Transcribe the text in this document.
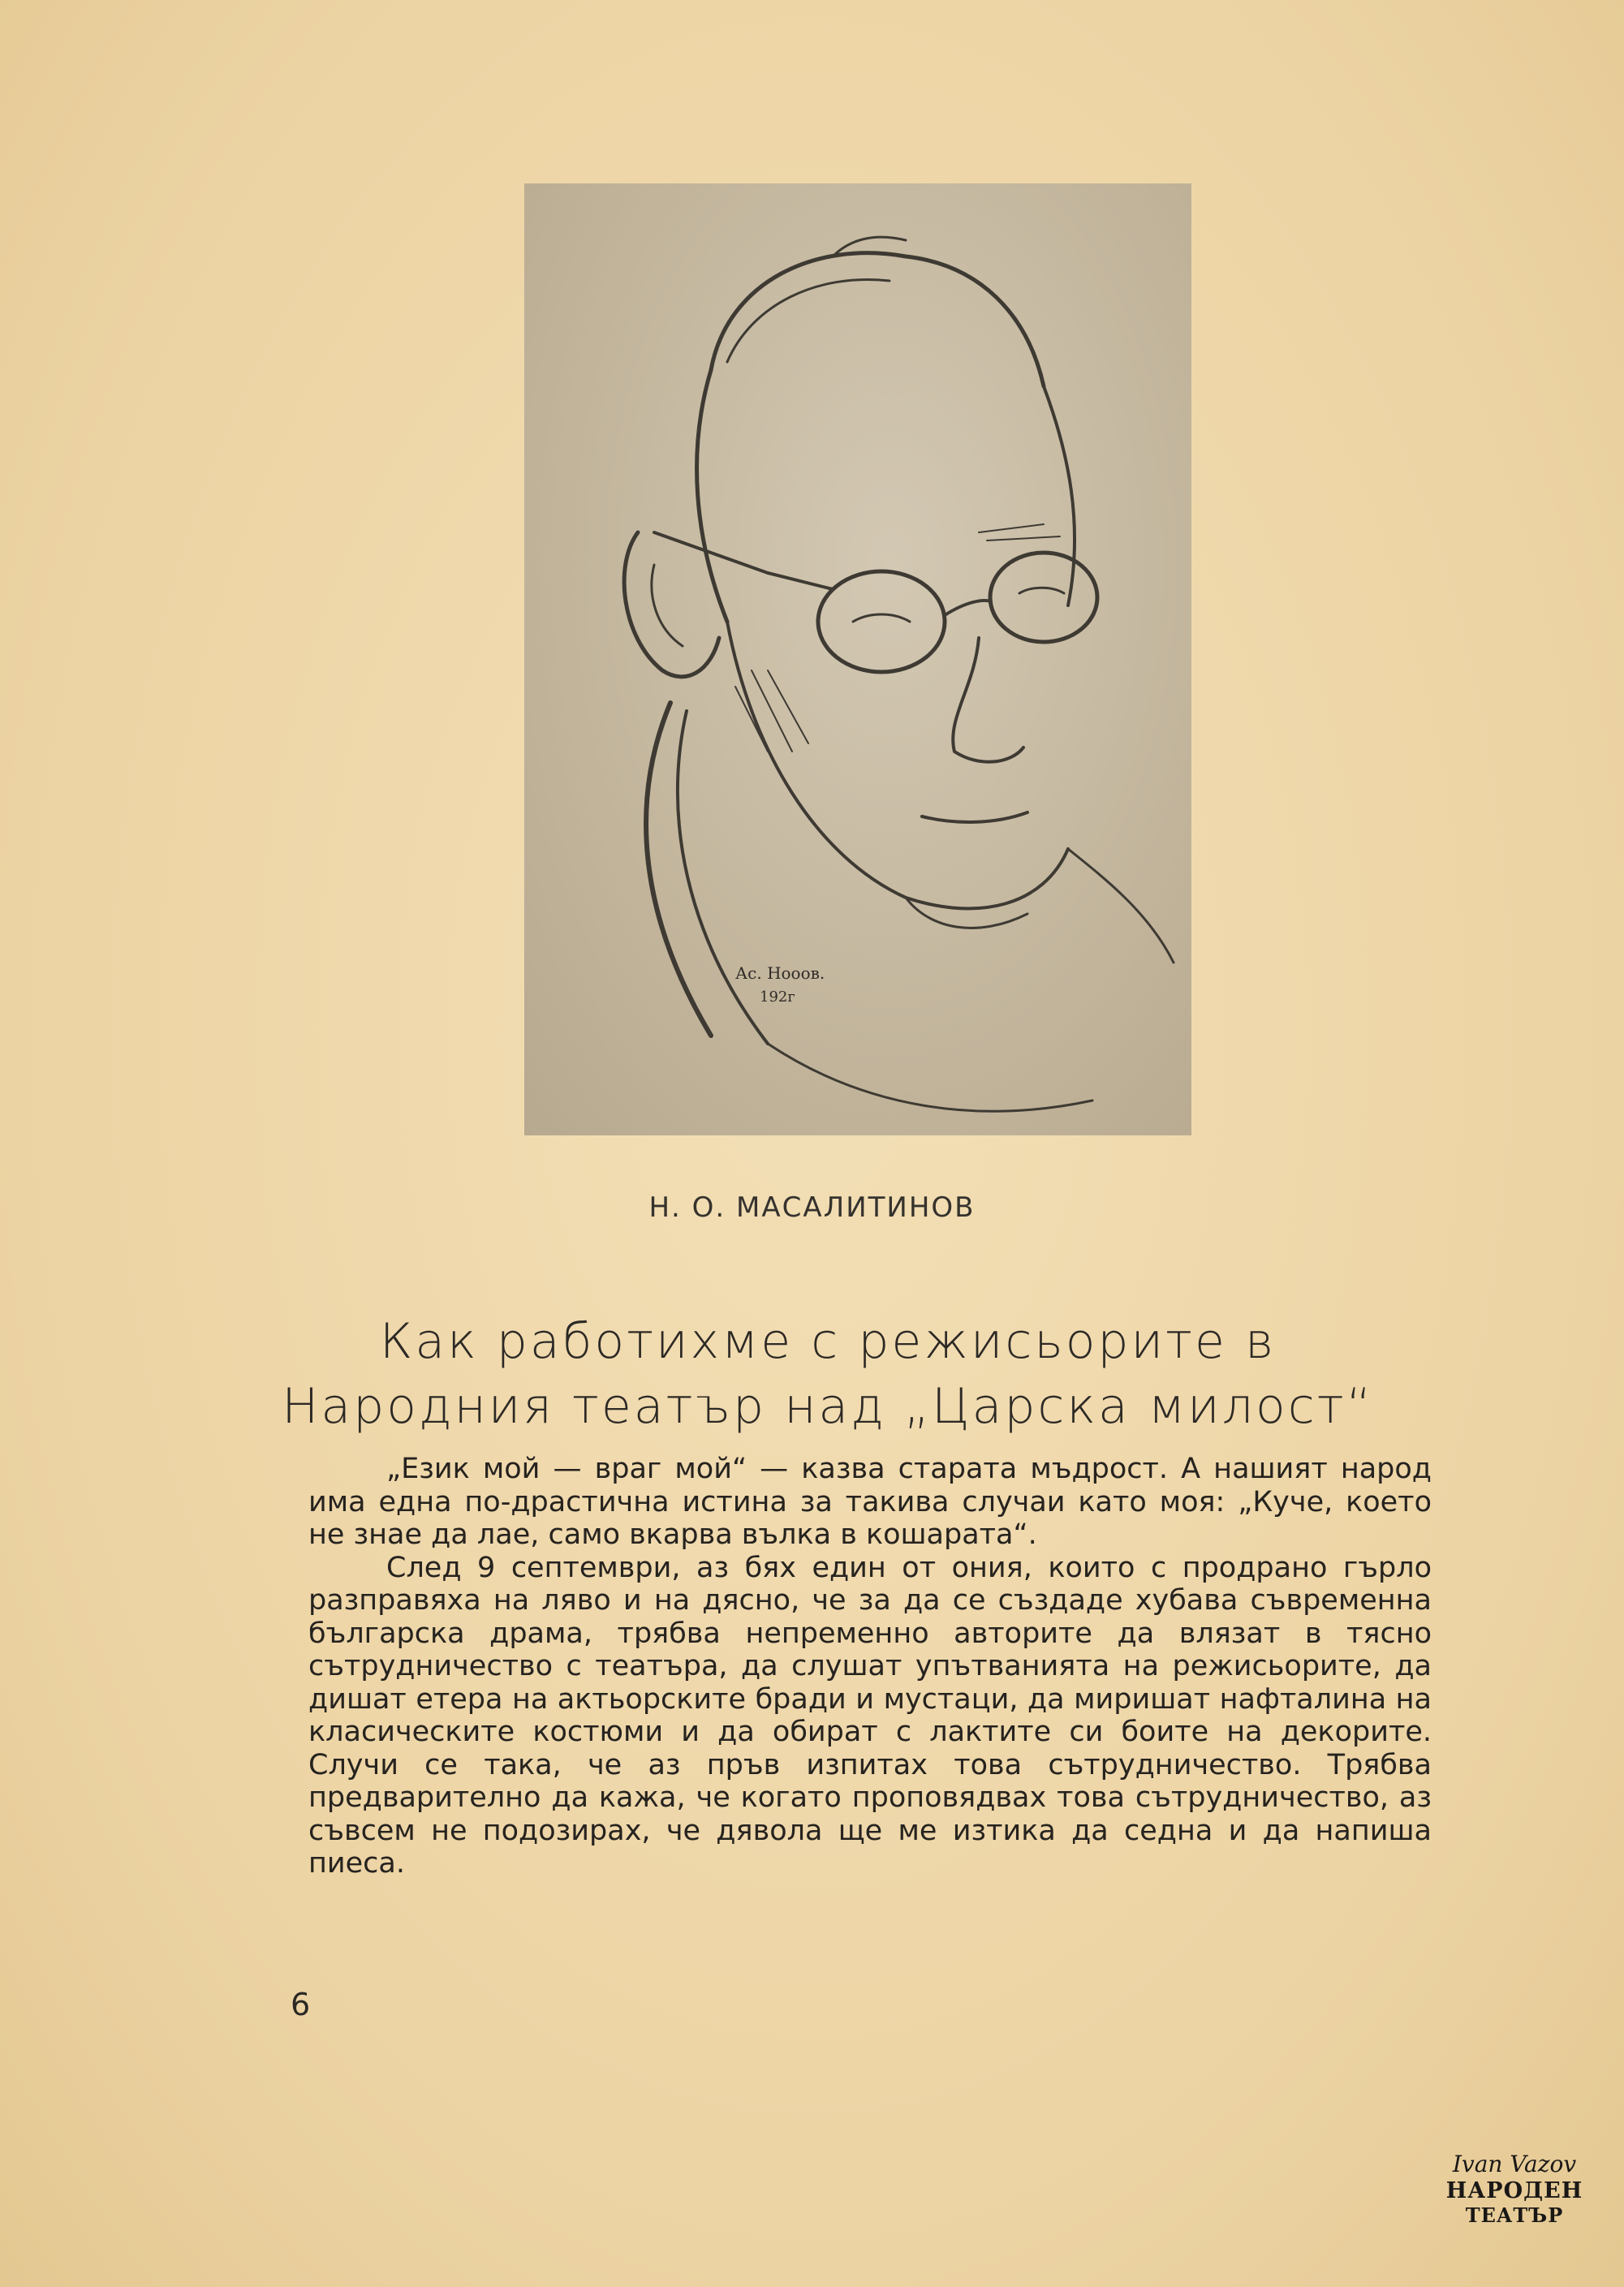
Ас. Нооов.
192г
Н. О. МАСАЛИТИНОВ
Как работихме с режисьорите в Народния театър над „Царска милост“

„Език мой — враг мой“ — казва старата мъдрост. А нашият народ има една по-драстична истина за такива случаи като моя: „Куче, което не знае да лае, само вкарва вълка в кошарата“.

След 9 септември, аз бях един от ония, които с продрано гърло разправяха на ляво и на дясно, че за да се създаде хубава съвременна българска драма, трябва непременно авторите да влязат в тясно сътрудничество с театъра, да слушат упътванията на режисьорите, да дишат етера на актьорските бради и мустаци, да миришат нафталина на класическите костюми и да обират с лактите си боите на декорите. Случи се така, че аз пръв изпитах това сътрудничество. Трябва предварително да кажа, че когато проповядвах това сътрудничество, аз съвсем не подозирах, че дявола ще ме изтика да седна и да напиша пиеса.

6
Ivan Vazov
НАРОДЕН
ТЕАТЪР
